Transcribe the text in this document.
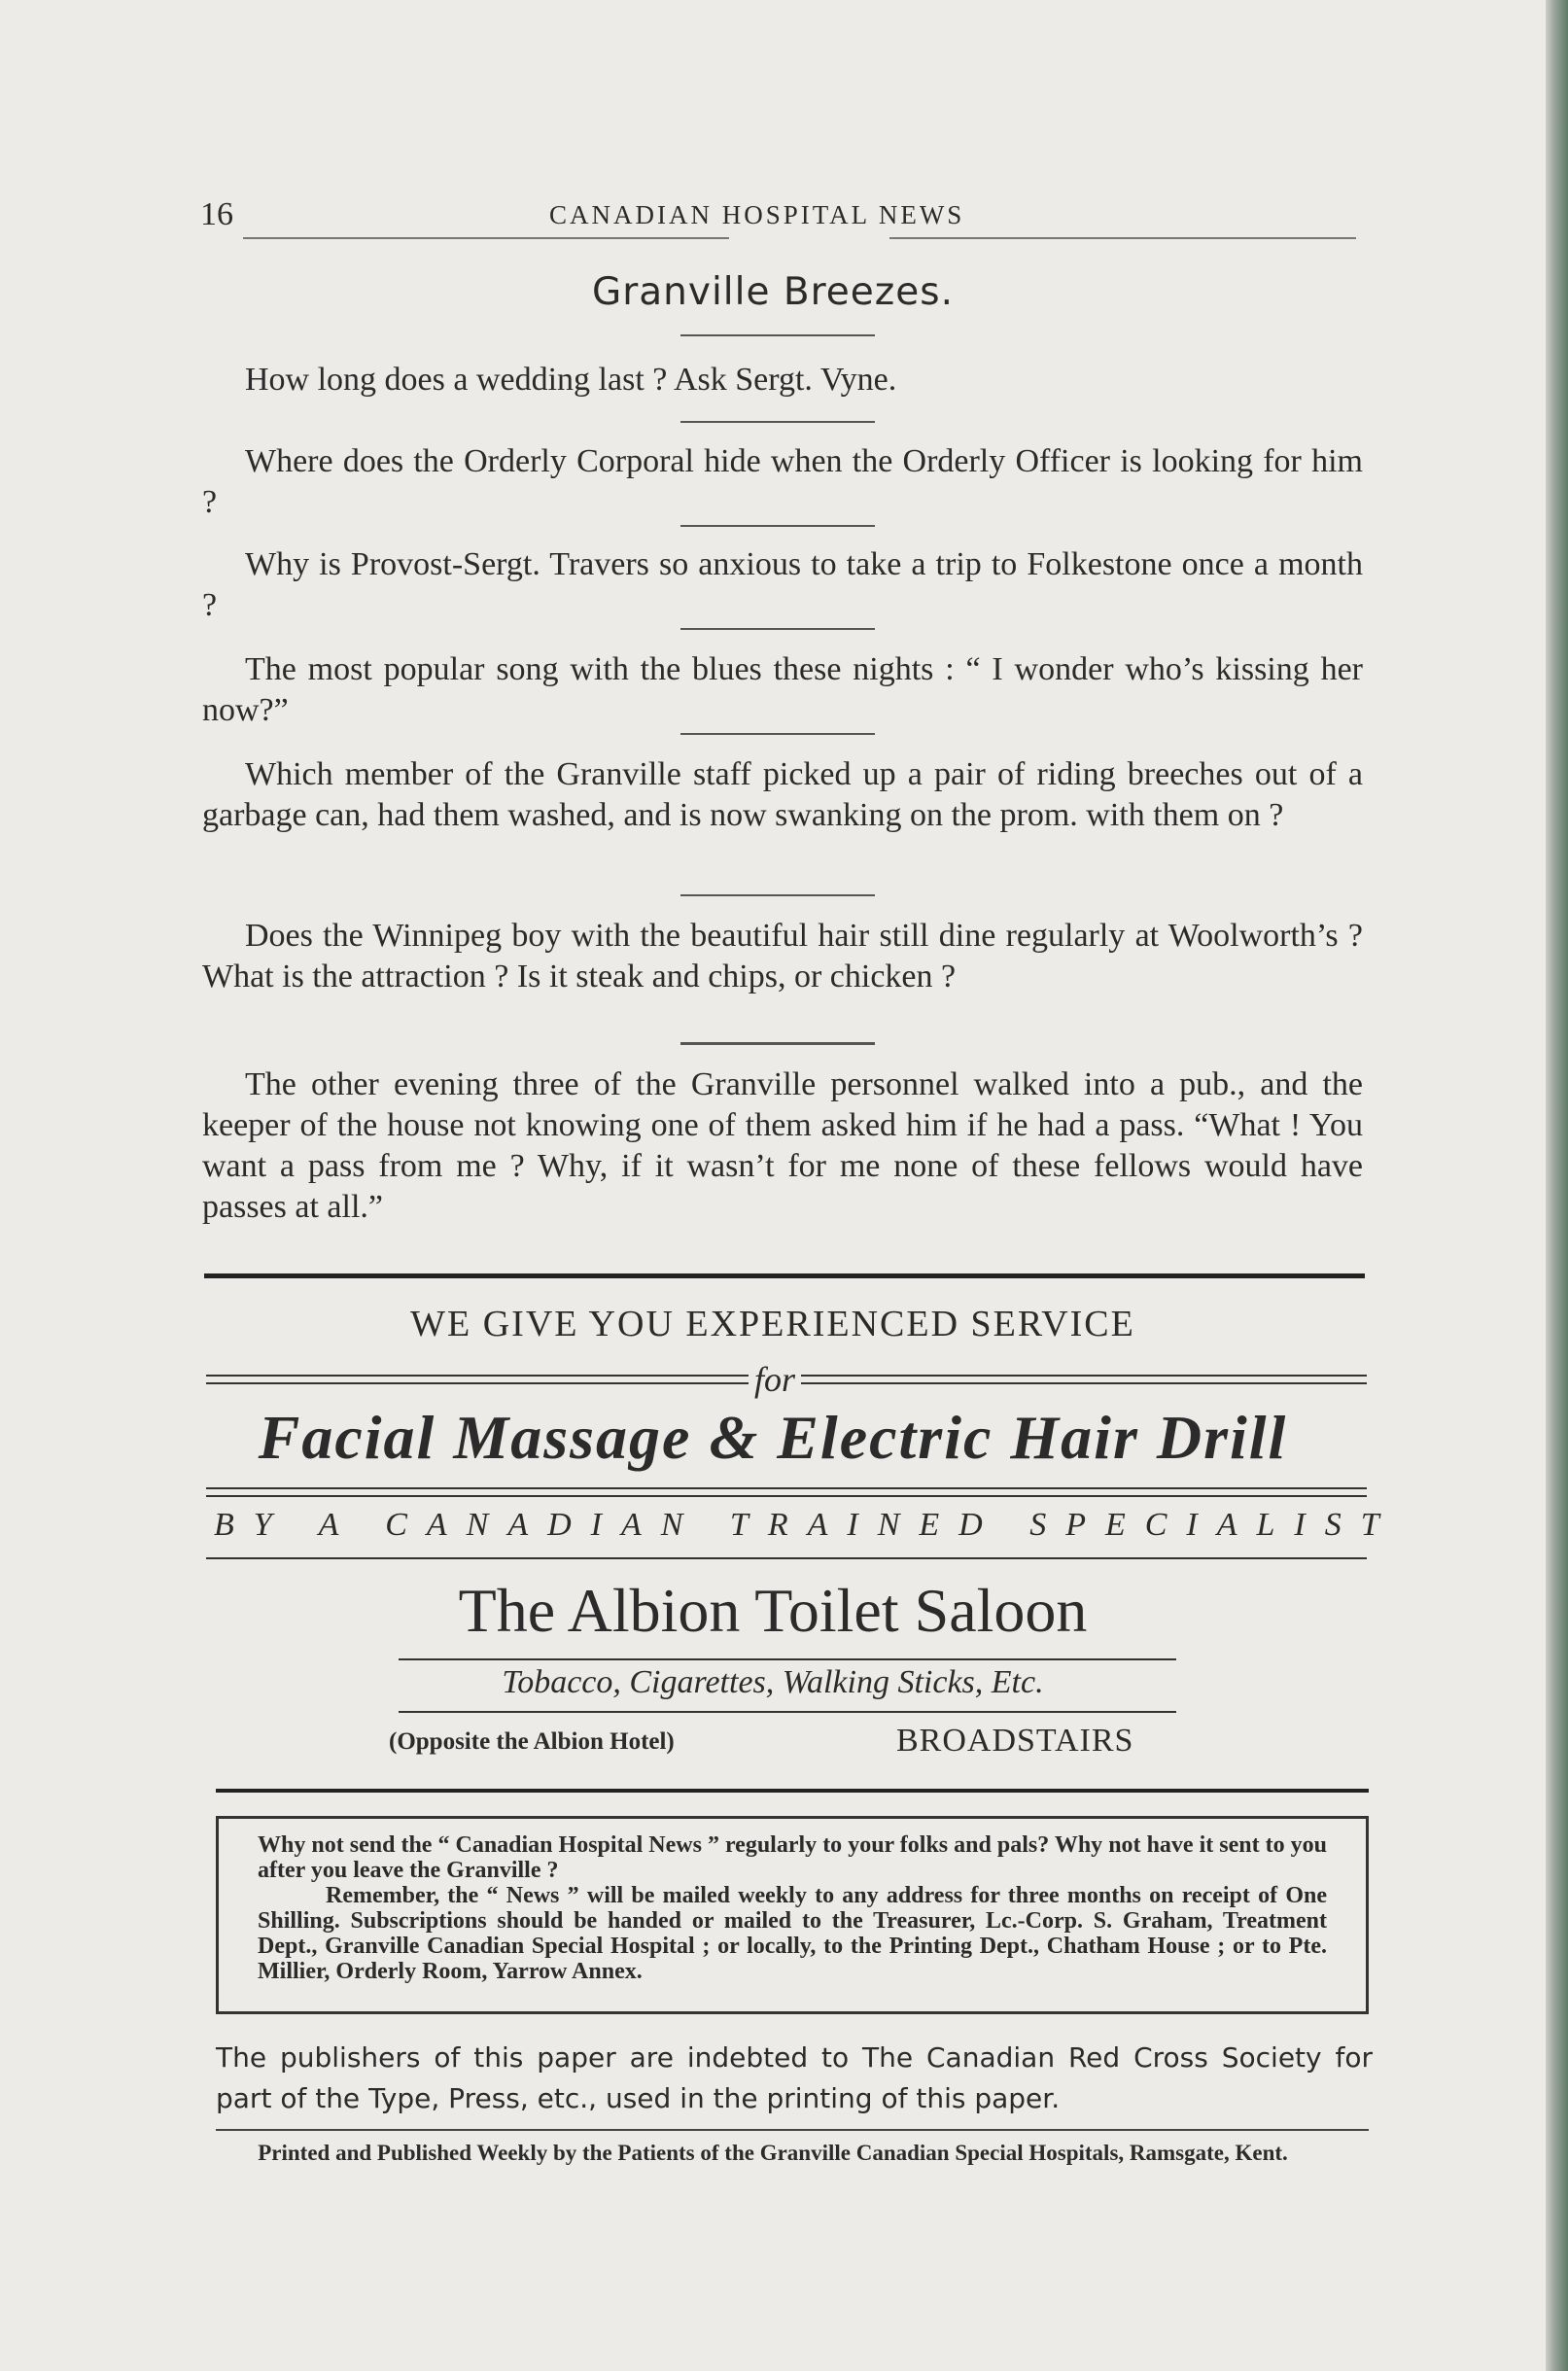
16	CANADIAN HOSPITAL NEWS
Granville Breezes.
How long does a wedding last ? Ask Sergt. Vyne.
Where does the Orderly Corporal hide when the Orderly Officer is looking for him ?
Why is Provost-Sergt. Travers so anxious to take a trip to Folkestone once a month ?
The most popular song with the blues these nights : “ I wonder who’s kissing her now?”
Which member of the Granville staff picked up a pair of riding breeches out of a garbage can, had them washed, and is now swanking on the prom. with them on ?
Does the Winnipeg boy with the beautiful hair still dine regularly at Woolworth’s ? What is the attraction ? Is it steak and chips, or chicken ?
The other evening three of the Granville personnel walked into a pub., and the keeper of the house not knowing one of them asked him if he had a pass. “What ! You want a pass from me ? Why, if it wasn’t for me none of these fellows would have passes at all.”
WE GIVE YOU EXPERIENCED SERVICE
for
Facial Massage & Electric Hair Drill
BY A CANADIAN TRAINED SPECIALIST
The Albion Toilet Saloon
Tobacco, Cigarettes, Walking Sticks, Etc.
(Opposite the Albion Hotel)	BROADSTAIRS
Why not send the “ Canadian Hospital News ” regularly to your folks and pals? Why not have it sent to you after you leave the Granville ?
Remember, the “ News ” will be mailed weekly to any address for three months on receipt of One Shilling. Subscriptions should be handed or mailed to the Treasurer, Lc.-Corp. S. Graham, Treatment Dept., Granville Canadian Special Hospital ; or locally, to the Printing Dept., Chatham House ; or to Pte. Millier, Orderly Room, Yarrow Annex.
The publishers of this paper are indebted to The Canadian Red Cross Society for part of the Type, Press, etc., used in the printing of this paper.
Printed and Published Weekly by the Patients of the Granville Canadian Special Hospitals, Ramsgate, Kent.
